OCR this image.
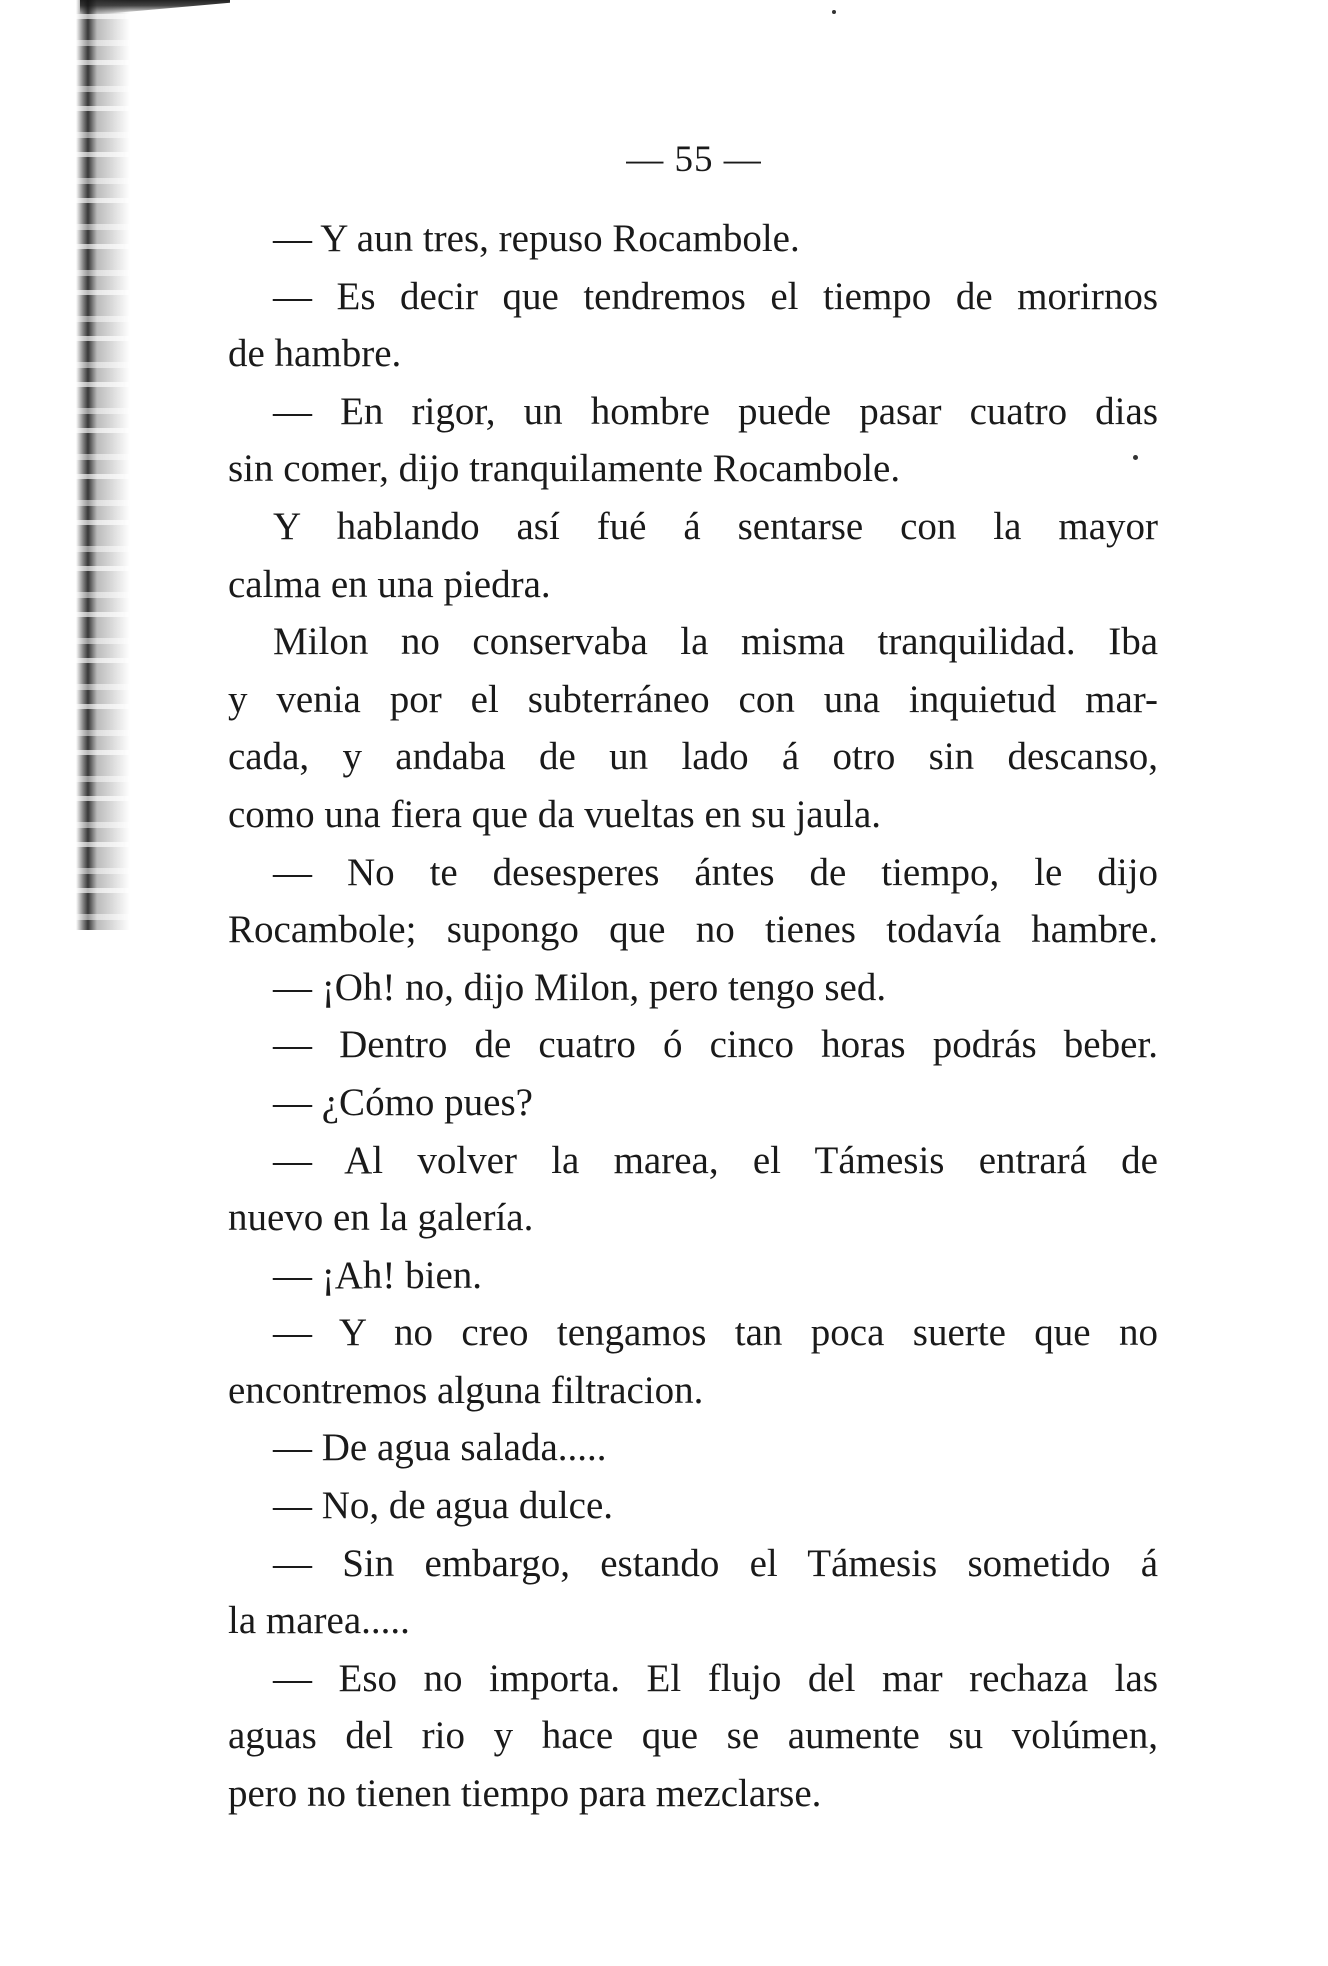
— 55 —
— Y aun tres, repuso Rocambole.
— Es decir que tendremos el tiempo de morirnos
de hambre.
— En rigor, un hombre puede pasar cuatro dias
sin comer, dijo tranquilamente Rocambole.
Y hablando así fué á sentarse con la mayor
calma en una piedra.
Milon no conservaba la misma tranquilidad. Iba
y venia por el subterráneo con una inquietud mar-
cada, y andaba de un lado á otro sin descanso,
como una fiera que da vueltas en su jaula.
— No te desesperes ántes de tiempo, le dijo
Rocambole; supongo que no tienes todavía hambre.
— ¡Oh! no, dijo Milon, pero tengo sed.
— Dentro de cuatro ó cinco horas podrás beber.
— ¿Cómo pues?
— Al volver la marea, el Támesis entrará de
nuevo en la galería.
— ¡Ah! bien.
— Y no creo tengamos tan poca suerte que no
encontremos alguna filtracion.
— De agua salada.....
— No, de agua dulce.
— Sin embargo, estando el Támesis sometido á
la marea.....
— Eso no importa. El flujo del mar rechaza las
aguas del rio y hace que se aumente su volúmen,
pero no tienen tiempo para mezclarse.
